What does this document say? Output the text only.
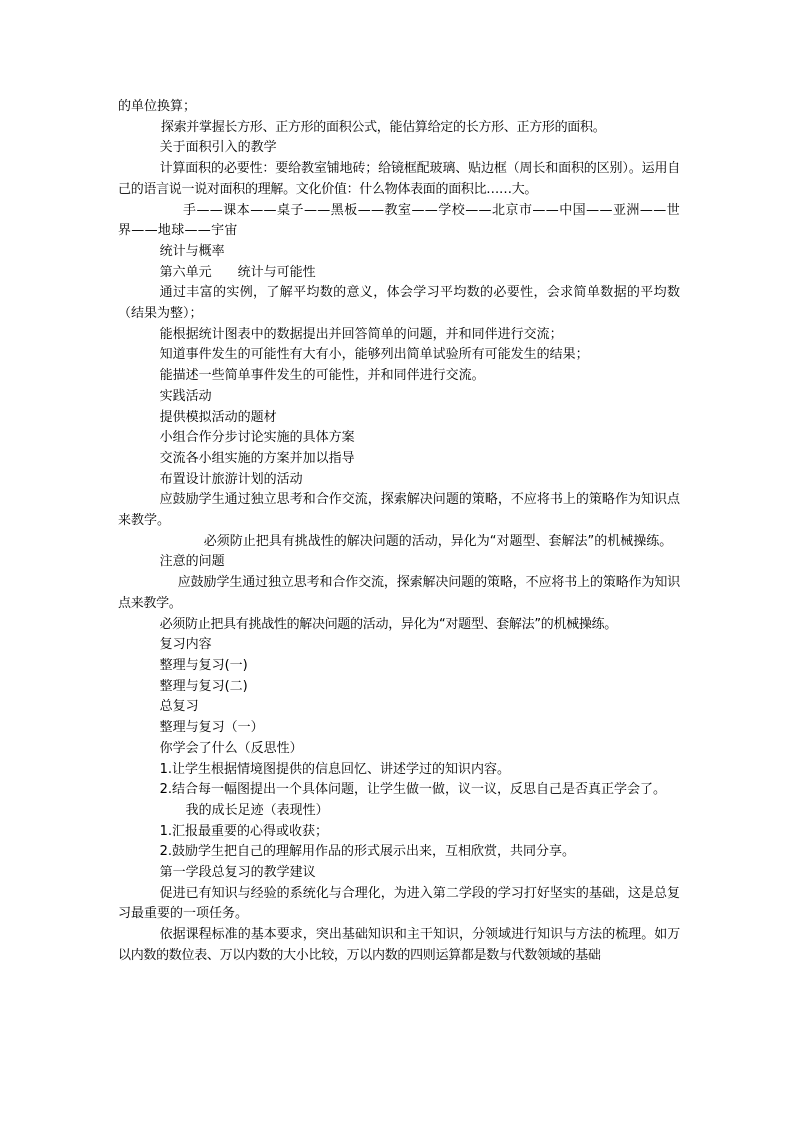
的单位换算；

探索并掌握长方形、正方形的面积公式，能估算给定的长方形、正方形的面积。

关于面积引入的教学

计算面积的必要性：要给教室铺地砖；给镜框配玻璃、贴边框（周长和面积的区别）。运用自己的语言说一说对面积的理解。文化价值：什么物体表面的面积比……大。

手——课本——桌子——黑板——教室——学校——北京市——中国——亚洲——世界——地球——宇宙

统计与概率

第六单元　　统计与可能性

通过丰富的实例，了解平均数的意义，体会学习平均数的必要性，会求简单数据的平均数（结果为整）；

能根据统计图表中的数据提出并回答简单的问题，并和同伴进行交流；

知道事件发生的可能性有大有小，能够列出简单试验所有可能发生的结果；

能描述一些简单事件发生的可能性，并和同伴进行交流。

实践活动

提供模拟活动的题材

小组合作分步讨论实施的具体方案

交流各小组实施的方案并加以指导

布置设计旅游计划的活动

应鼓励学生通过独立思考和合作交流，探索解决问题的策略，不应将书上的策略作为知识点来教学。

必须防止把具有挑战性的解决问题的活动，异化为“对题型、套解法”的机械操练。

注意的问题

应鼓励学生通过独立思考和合作交流，探索解决问题的策略，不应将书上的策略作为知识点来教学。

必须防止把具有挑战性的解决问题的活动，异化为“对题型、套解法”的机械操练。

复习内容

整理与复习(一)

整理与复习(二)

总复习

整理与复习（一）

你学会了什么（反思性）

1.让学生根据情境图提供的信息回忆、讲述学过的知识内容。

2.结合每一幅图提出一个具体问题，让学生做一做，议一议，反思自己是否真正学会了。

我的成长足迹（表现性）

1.汇报最重要的心得或收获；

2.鼓励学生把自己的理解用作品的形式展示出来，互相欣赏，共同分享。

第一学段总复习的教学建议

促进已有知识与经验的系统化与合理化，为进入第二学段的学习打好坚实的基础，这是总复习最重要的一项任务。

依据课程标准的基本要求，突出基础知识和主干知识，分领域进行知识与方法的梳理。如万以内数的数位表、万以内数的大小比较，万以内数的四则运算都是数与代数领域的基础
